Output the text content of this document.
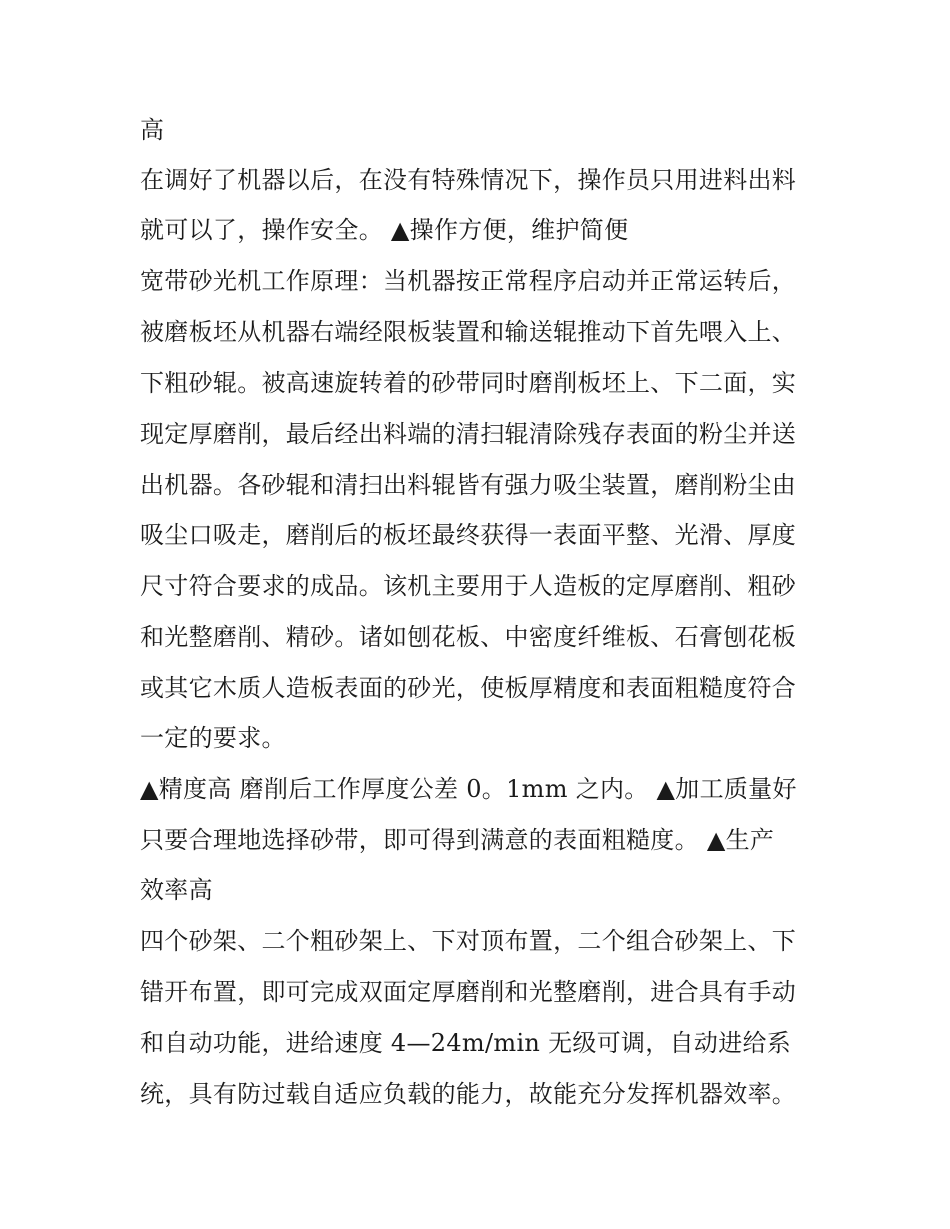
高
在调好了机器以后，在没有特殊情况下，操作员只用进料出料
就可以了，操作安全。 ▲操作方便，维护简便
宽带砂光机工作原理：当机器按正常程序启动并正常运转后，
被磨板坯从机器右端经限板装置和输送辊推动下首先喂入上、
下粗砂辊。被高速旋转着的砂带同时磨削板坯上、下二面，实
现定厚磨削，最后经出料端的清扫辊清除残存表面的粉尘并送
出机器。各砂辊和清扫出料辊皆有强力吸尘装置，磨削粉尘由
吸尘口吸走，磨削后的板坯最终获得一表面平整、光滑、厚度
尺寸符合要求的成品。该机主要用于人造板的定厚磨削、粗砂
和光整磨削、精砂。诸如刨花板、中密度纤维板、石膏刨花板
或其它木质人造板表面的砂光，使板厚精度和表面粗糙度符合
一定的要求。
▲精度高 磨削后工作厚度公差 0。1mm 之内。 ▲加工质量好
只要合理地选择砂带，即可得到满意的表面粗糙度。 ▲生产
效率高
四个砂架、二个粗砂架上、下对顶布置，二个组合砂架上、下
错开布置，即可完成双面定厚磨削和光整磨削，进合具有手动
和自动功能，进给速度 4—24m/min 无级可调，自动进给系
统，具有防过载自适应负载的能力，故能充分发挥机器效率。
